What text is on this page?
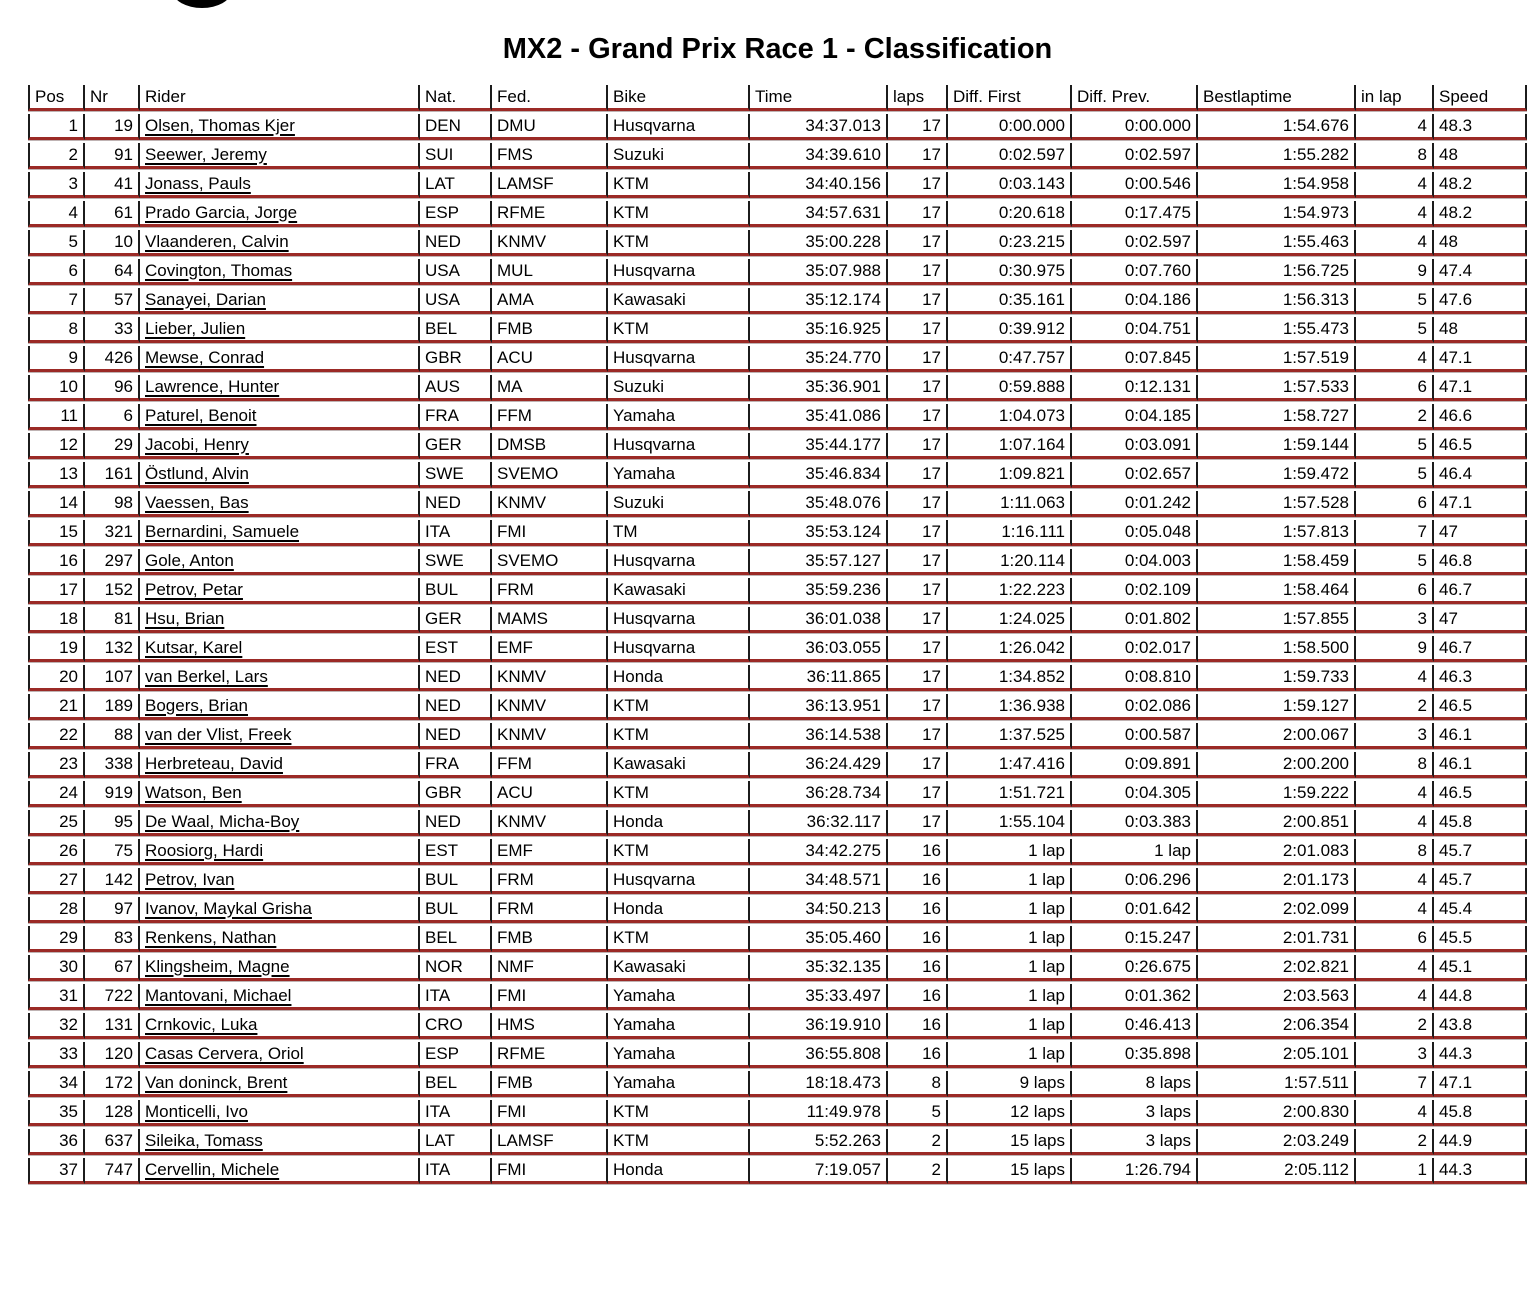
MX2 - Grand Prix Race 1 - Classification
Pos	Nr	Rider	Nat.	Fed.	Bike	Time	laps	Diff. First	Diff. Prev.	Bestlaptime	in lap	Speed
1	19	Olsen, Thomas Kjer	DEN	DMU	Husqvarna	34:37.013	17	0:00.000	0:00.000	1:54.676	4	48.3
2	91	Seewer, Jeremy	SUI	FMS	Suzuki	34:39.610	17	0:02.597	0:02.597	1:55.282	8	48
3	41	Jonass, Pauls	LAT	LAMSF	KTM	34:40.156	17	0:03.143	0:00.546	1:54.958	4	48.2
4	61	Prado Garcia, Jorge	ESP	RFME	KTM	34:57.631	17	0:20.618	0:17.475	1:54.973	4	48.2
5	10	Vlaanderen, Calvin	NED	KNMV	KTM	35:00.228	17	0:23.215	0:02.597	1:55.463	4	48
6	64	Covington, Thomas	USA	MUL	Husqvarna	35:07.988	17	0:30.975	0:07.760	1:56.725	9	47.4
7	57	Sanayei, Darian	USA	AMA	Kawasaki	35:12.174	17	0:35.161	0:04.186	1:56.313	5	47.6
8	33	Lieber, Julien	BEL	FMB	KTM	35:16.925	17	0:39.912	0:04.751	1:55.473	5	48
9	426	Mewse, Conrad	GBR	ACU	Husqvarna	35:24.770	17	0:47.757	0:07.845	1:57.519	4	47.1
10	96	Lawrence, Hunter	AUS	MA	Suzuki	35:36.901	17	0:59.888	0:12.131	1:57.533	6	47.1
11	6	Paturel, Benoit	FRA	FFM	Yamaha	35:41.086	17	1:04.073	0:04.185	1:58.727	2	46.6
12	29	Jacobi, Henry	GER	DMSB	Husqvarna	35:44.177	17	1:07.164	0:03.091	1:59.144	5	46.5
13	161	Östlund, Alvin	SWE	SVEMO	Yamaha	35:46.834	17	1:09.821	0:02.657	1:59.472	5	46.4
14	98	Vaessen, Bas	NED	KNMV	Suzuki	35:48.076	17	1:11.063	0:01.242	1:57.528	6	47.1
15	321	Bernardini, Samuele	ITA	FMI	TM	35:53.124	17	1:16.111	0:05.048	1:57.813	7	47
16	297	Gole, Anton	SWE	SVEMO	Husqvarna	35:57.127	17	1:20.114	0:04.003	1:58.459	5	46.8
17	152	Petrov, Petar	BUL	FRM	Kawasaki	35:59.236	17	1:22.223	0:02.109	1:58.464	6	46.7
18	81	Hsu, Brian	GER	MAMS	Husqvarna	36:01.038	17	1:24.025	0:01.802	1:57.855	3	47
19	132	Kutsar, Karel	EST	EMF	Husqvarna	36:03.055	17	1:26.042	0:02.017	1:58.500	9	46.7
20	107	van Berkel, Lars	NED	KNMV	Honda	36:11.865	17	1:34.852	0:08.810	1:59.733	4	46.3
21	189	Bogers, Brian	NED	KNMV	KTM	36:13.951	17	1:36.938	0:02.086	1:59.127	2	46.5
22	88	van der Vlist, Freek	NED	KNMV	KTM	36:14.538	17	1:37.525	0:00.587	2:00.067	3	46.1
23	338	Herbreteau, David	FRA	FFM	Kawasaki	36:24.429	17	1:47.416	0:09.891	2:00.200	8	46.1
24	919	Watson, Ben	GBR	ACU	KTM	36:28.734	17	1:51.721	0:04.305	1:59.222	4	46.5
25	95	De Waal, Micha-Boy	NED	KNMV	Honda	36:32.117	17	1:55.104	0:03.383	2:00.851	4	45.8
26	75	Roosiorg, Hardi	EST	EMF	KTM	34:42.275	16	1 lap	1 lap	2:01.083	8	45.7
27	142	Petrov, Ivan	BUL	FRM	Husqvarna	34:48.571	16	1 lap	0:06.296	2:01.173	4	45.7
28	97	Ivanov, Maykal Grisha	BUL	FRM	Honda	34:50.213	16	1 lap	0:01.642	2:02.099	4	45.4
29	83	Renkens, Nathan	BEL	FMB	KTM	35:05.460	16	1 lap	0:15.247	2:01.731	6	45.5
30	67	Klingsheim, Magne	NOR	NMF	Kawasaki	35:32.135	16	1 lap	0:26.675	2:02.821	4	45.1
31	722	Mantovani, Michael	ITA	FMI	Yamaha	35:33.497	16	1 lap	0:01.362	2:03.563	4	44.8
32	131	Crnkovic, Luka	CRO	HMS	Yamaha	36:19.910	16	1 lap	0:46.413	2:06.354	2	43.8
33	120	Casas Cervera, Oriol	ESP	RFME	Yamaha	36:55.808	16	1 lap	0:35.898	2:05.101	3	44.3
34	172	Van doninck, Brent	BEL	FMB	Yamaha	18:18.473	8	9 laps	8 laps	1:57.511	7	47.1
35	128	Monticelli, Ivo	ITA	FMI	KTM	11:49.978	5	12 laps	3 laps	2:00.830	4	45.8
36	637	Sileika, Tomass	LAT	LAMSF	KTM	5:52.263	2	15 laps	3 laps	2:03.249	2	44.9
37	747	Cervellin, Michele	ITA	FMI	Honda	7:19.057	2	15 laps	1:26.794	2:05.112	1	44.3
